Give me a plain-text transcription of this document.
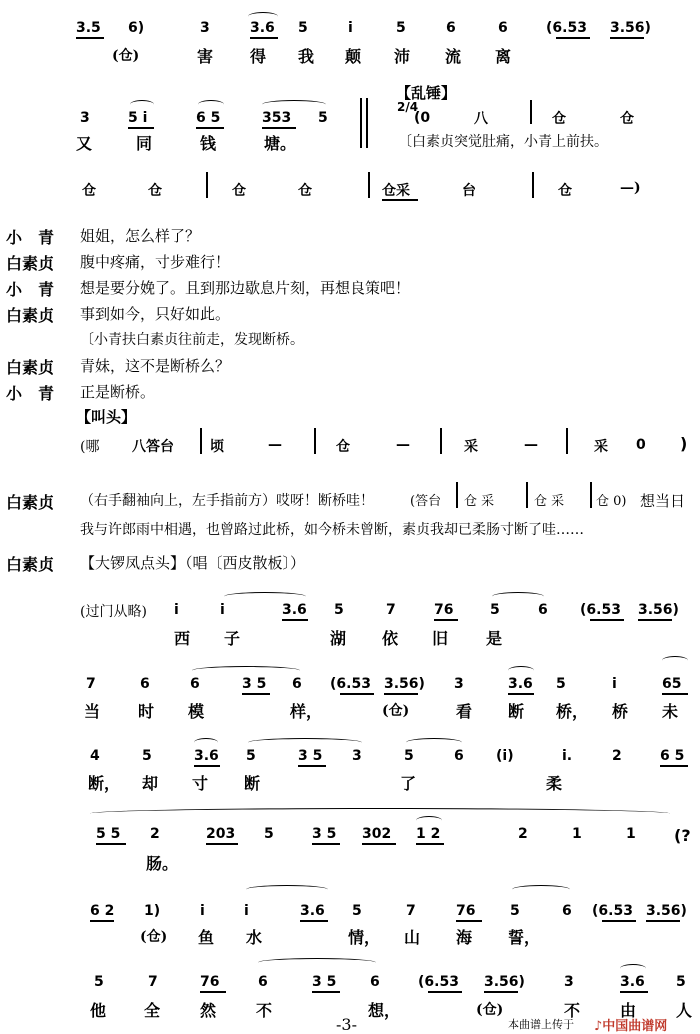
3.5 6)	3	3.6 5	i	5	6	6	(6.53 3.56)
(仓)	害 得 我 颠 沛 流 离
【乱锤】
3	5 i	6 5	353 5
2/4
(0	八	仓	仓
又	同	钱	塘。	〔白素贞突觉肚痛，小青上前扶。
仓	仓	仓	仓	仓采	台	仓	—)
小　青 姐姐，怎么样了？
白素贞 腹中疼痛，寸步难行！
小　青 想是要分娩了。且到那边歇息片刻，再想良策吧！
白素贞 事到如今，只好如此。
〔小青扶白素贞往前走，发现断桥。
白素贞 青妹，这不是断桥么？
小　青 正是断桥。
【叫头】
(哪 八答台	顷	—	仓	—	采	—	采 0 )
白素贞 （右手翻袖向上，左手指前方）哎呀！断桥哇！	(答台 仓 采	仓 采 仓 0) 想当日
我与许郎雨中相遇，也曾路过此桥，如今桥未曾断，素贞我却已柔肠寸断了哇……
白素贞 【大锣凤点头】（唱〔西皮散板〕）
(过门从略) i	i	3.6 5	7	76	5	6 (6.53 3.56)
西 子	湖 依 旧 是
7	6	6	3 5 6 (6.53 3.56) 3	3.6 5	i	65
当 时 模	样，	(仓)	看 断 桥， 桥 未
4	5	3.6 5	3 5 3	5	6 (i)	i.	2	6 5
断， 却 寸 断	了	柔
5 5 2	203 5	3 5 302 1 2	2	1	1 (?
肠。
6 2 1)	i	i	3.6 5	7	76 5	6 (6.53 3.56)
(仓) 鱼 水	情， 山 海 誓，
5	7	76	6	3 5 6	(6.53 3.56)	3	3.6 5
他 全 然 不	想，	(仓)	不 由 人
-3-	本曲谱上传于 ♪中国曲谱网
